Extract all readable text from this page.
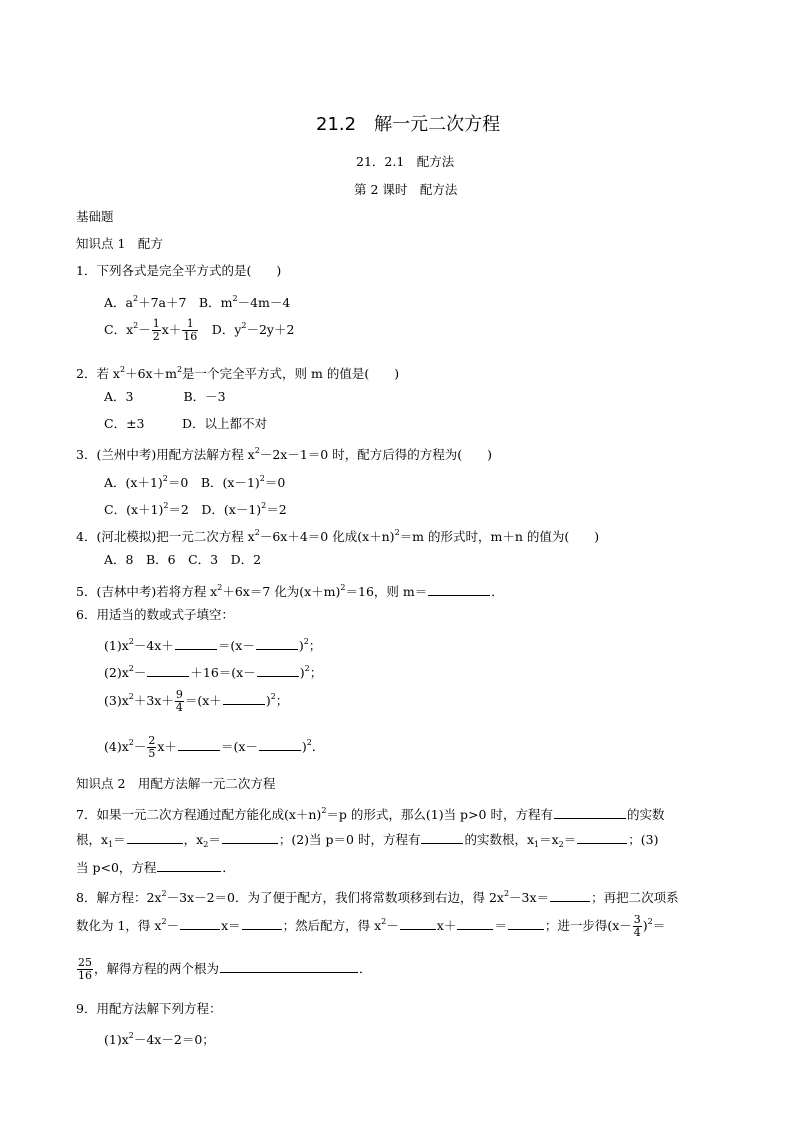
21.2　解一元二次方程
21．2.1　配方法
第 2 课时　配方法
基础题
知识点 1　配方
1．下列各式是完全平方式的是(　　)
A．$a^2+7a+7$　B．$m^2-4m-4$
C．$x^2- \frac{1}{2} x+ \frac{1}{16}$ 　D．$y^2-2y+2$
2．若 $x^2+6x+m^2$是一个完全平方式，则 m 的值是(　　)
A．3　　　　B．－3
C．±3　　　D．以上都不对
3．(兰州中考)用配方法解方程 $x^2-2x-1=0$ 时，配方后得的方程为(　　)
A．$(x+1)^2=0$　B．$(x-1)^2=0$
C．$(x+1)^2=2$　D．$(x-1)^2=2$
4．(河北模拟)把一元二次方程 $x^2-6x+4=0$ 化成$(x+n)^2=m$ 的形式时，m＋n 的值为(　　)
A．8　B．6　C．3　D．2
5．(吉林中考)若将方程 $x^2+6x=7$ 化为$(x+m)^2=16$，则 m＝	．
6．用适当的数或式子填空：
$(1)x^2-4x+$	＝(x－	)$^2$；
$(2)x^2-$	＋16＝(x－	)$^2$；
$(3)x^2+3x+ \frac{9}{4} =(x+$	)$^2$；
$(4)x^2- \frac{2}{5} x+$	＝(x－	)$^2$．
知识点 2　用配方法解一元二次方程
7．如果一元二次方程通过配方能化成$(x+n)^2=p$ 的形式，那么(1)当 p>0 时，方程有	的实数
根，$x_1=$	，$x_2=$	；(2)当 p＝0 时，方程有	的实数根，$x_1=x_2=$	；(3)
当 p<0，方程	．
8．解方程：$2x^2-3x-2=0$．为了便于配方，我们将常数项移到右边，得 $2x^2-3x=$	；再把二次项系
数化为 1，得 $x^2-$	x＝	；然后配方，得 $x^2-$	x＋	＝	；进一步得$(x- \frac{3}{4} )^2=$
$\frac{25}{16}$ ，解得方程的两个根为	．
9．用配方法解下列方程：
$(1)x^2-4x-2=0$；
